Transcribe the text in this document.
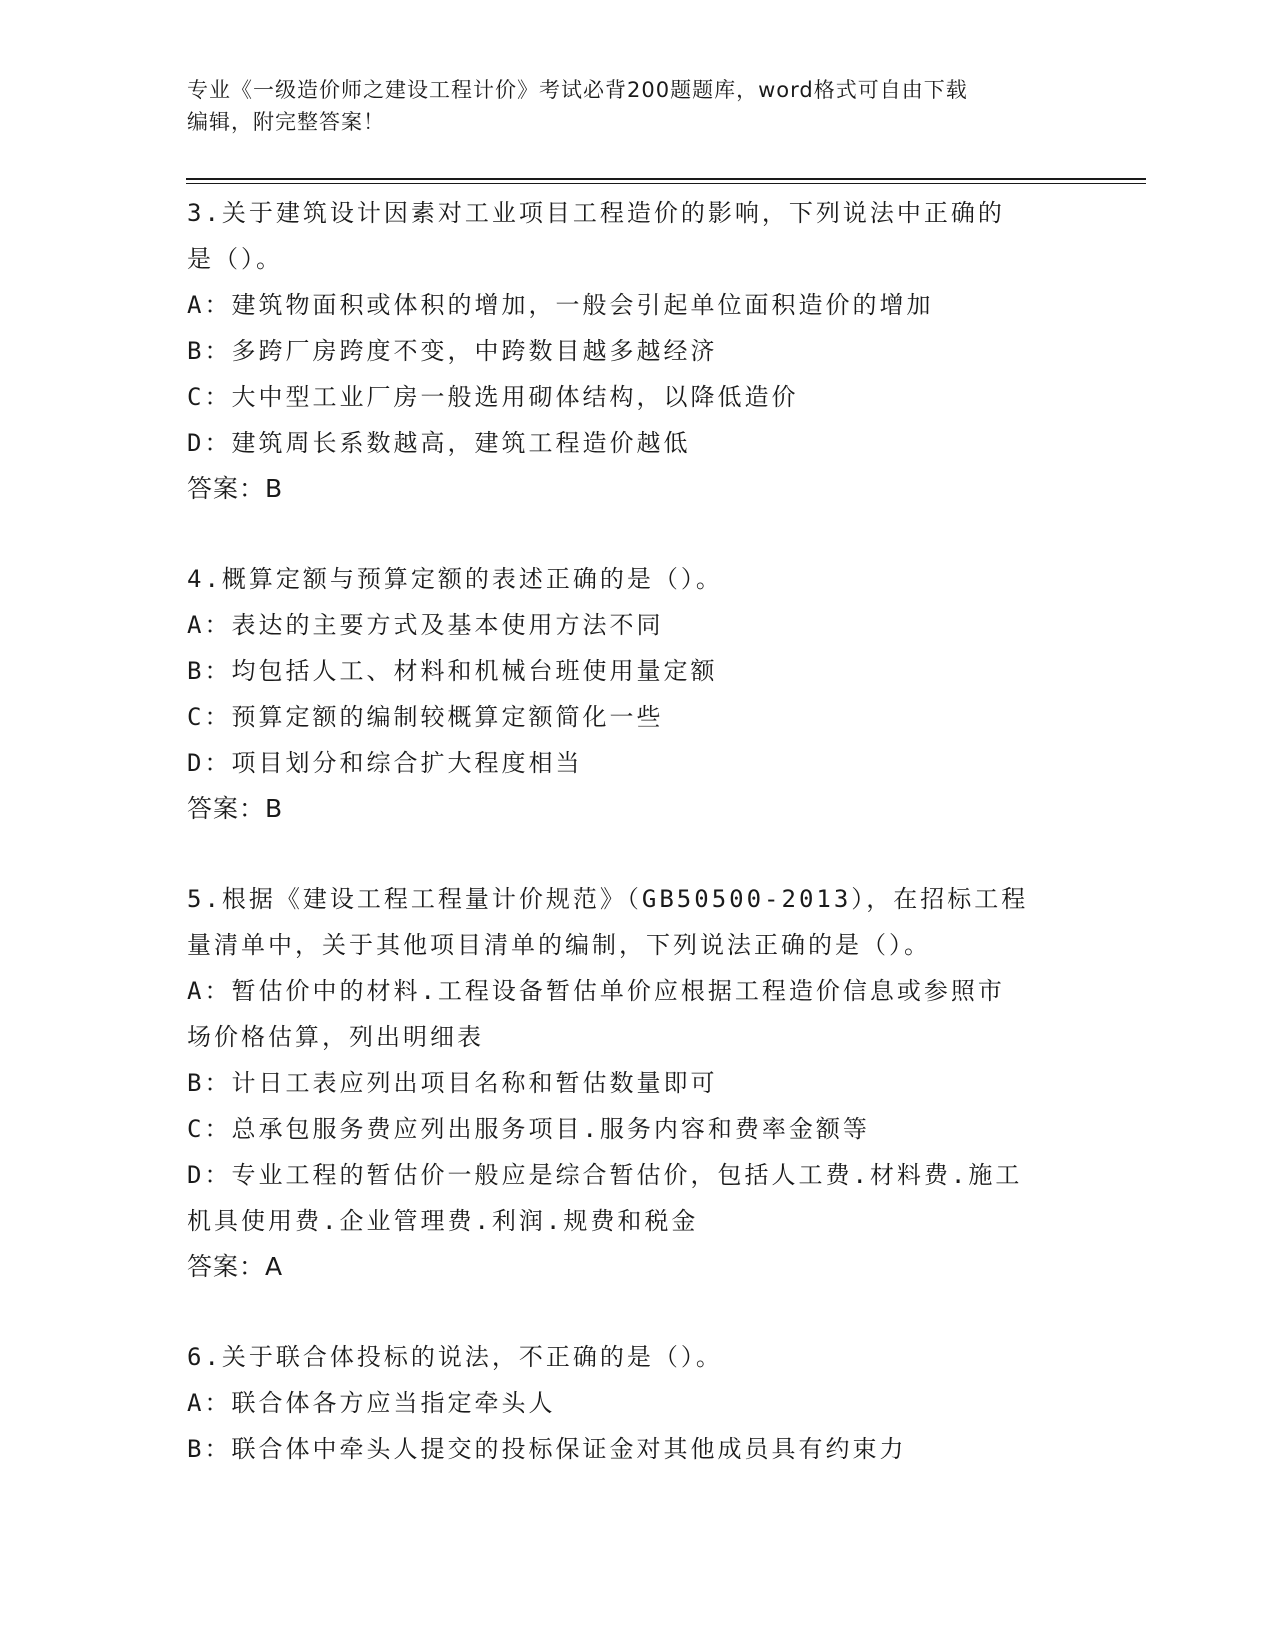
专业《一级造价师之建设工程计价》考试必背200题题库，word格式可自由下载
编辑，附完整答案！
3.关于建筑设计因素对工业项目工程造价的影响，下列说法中正确的
是（）。
A：建筑物面积或体积的增加，一般会引起单位面积造价的增加
B：多跨厂房跨度不变，中跨数目越多越经济
C：大中型工业厂房一般选用砌体结构，以降低造价
D：建筑周长系数越高，建筑工程造价越低
答案：B
4.概算定额与预算定额的表述正确的是（）。
A：表达的主要方式及基本使用方法不同
B：均包括人工、材料和机械台班使用量定额
C：预算定额的编制较概算定额简化一些
D：项目划分和综合扩大程度相当
答案：B
5.根据《建设工程工程量计价规范》（GB50500-2013），在招标工程
量清单中，关于其他项目清单的编制，下列说法正确的是（）。
A：暂估价中的材料.工程设备暂估单价应根据工程造价信息或参照市
场价格估算，列出明细表
B：计日工表应列出项目名称和暂估数量即可
C：总承包服务费应列出服务项目.服务内容和费率金额等
D：专业工程的暂估价一般应是综合暂估价，包括人工费.材料费.施工
机具使用费.企业管理费.利润.规费和税金
答案：A
6.关于联合体投标的说法，不正确的是（）。
A：联合体各方应当指定牵头人
B：联合体中牵头人提交的投标保证金对其他成员具有约束力
